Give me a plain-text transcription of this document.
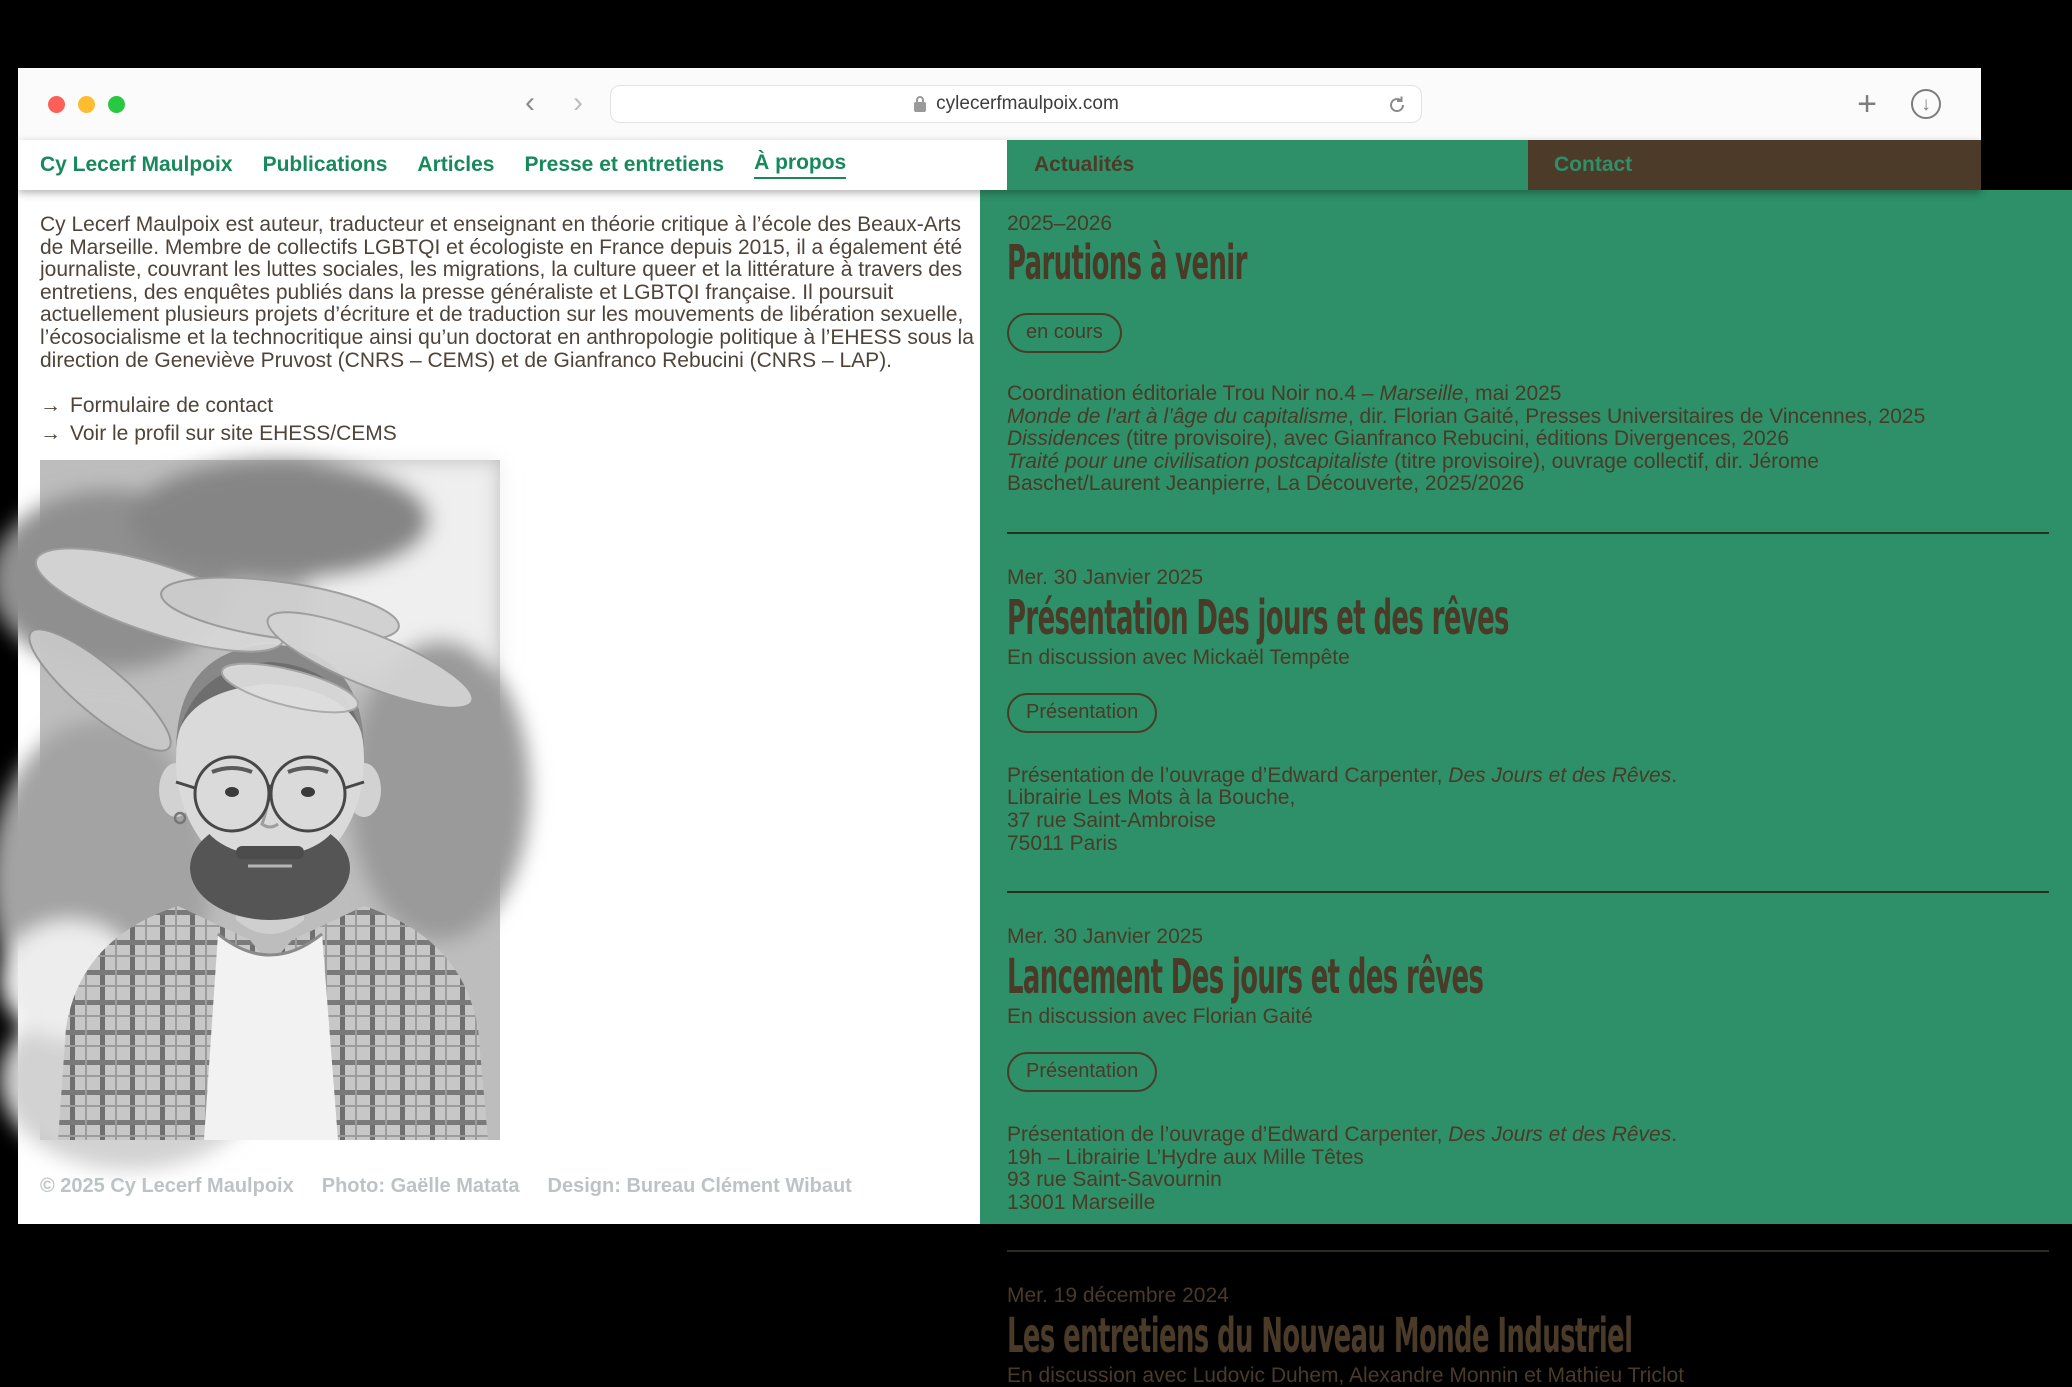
‹	›	cylecerfmaulpoix.com	+ ↓
Cy Lecerf Maulpoix Publications Articles Presse et entretiens À propos	Actualités	Contact

Cy Lecerf Maulpoix est auteur, traducteur et enseignant en théorie critique à l’école des Beaux-Arts de Marseille. Membre de collectifs LGBTQI et écologiste en France depuis 2015, il a également été journaliste, couvrant les luttes sociales, les migrations, la culture queer et la littérature à travers des entretiens, des enquêtes publiés dans la presse généraliste et LGBTQI française. Il poursuit actuellement plusieurs projets d’écriture et de traduction sur les mouvements de libération sexuelle, l’écosocialisme et la technocritique ainsi qu’un doctorat en anthropologie politique à l’EHESS sous la direction de Geneviève Pruvost (CNRS – CEMS) et de Gianfranco Rebucini (CNRS – LAP).

→ Formulaire de contact
→ Voir le profil sur site EHESS/CEMS
© 2025 Cy Lecerf Maulpoix Photo: Gaëlle Matata Design: Bureau Clément Wibaut
2025–2026
Parutions à venir
en cours
Coordination éditoriale Trou Noir no.4 – Marseille, mai 2025
Monde de l’art à l’âge du capitalisme, dir. Florian Gaité, Presses Universitaires de Vincennes, 2025
Dissidences (titre provisoire), avec Gianfranco Rebucini, éditions Divergences, 2026
Traité pour une civilisation postcapitaliste (titre provisoire), ouvrage collectif, dir. Jérome Baschet/Laurent Jeanpierre, La Découverte, 2025/2026
Mer. 30 Janvier 2025
Présentation Des jours et des rêves
En discussion avec Mickaël Tempête
Présentation
Présentation de l’ouvrage d’Edward Carpenter, Des Jours et des Rêves.
Librairie Les Mots à la Bouche,
37 rue Saint-Ambroise
75011 Paris
Mer. 30 Janvier 2025
Lancement Des jours et des rêves
En discussion avec Florian Gaité
Présentation
Présentation de l’ouvrage d’Edward Carpenter, Des Jours et des Rêves.
19h – Librairie L’Hydre aux Mille Têtes
93 rue Saint-Savournin
13001 Marseille
Mer. 19 décembre 2024
Les entretiens du Nouveau Monde Industriel
En discussion avec Ludovic Duhem, Alexandre Monnin et Mathieu Triclot
